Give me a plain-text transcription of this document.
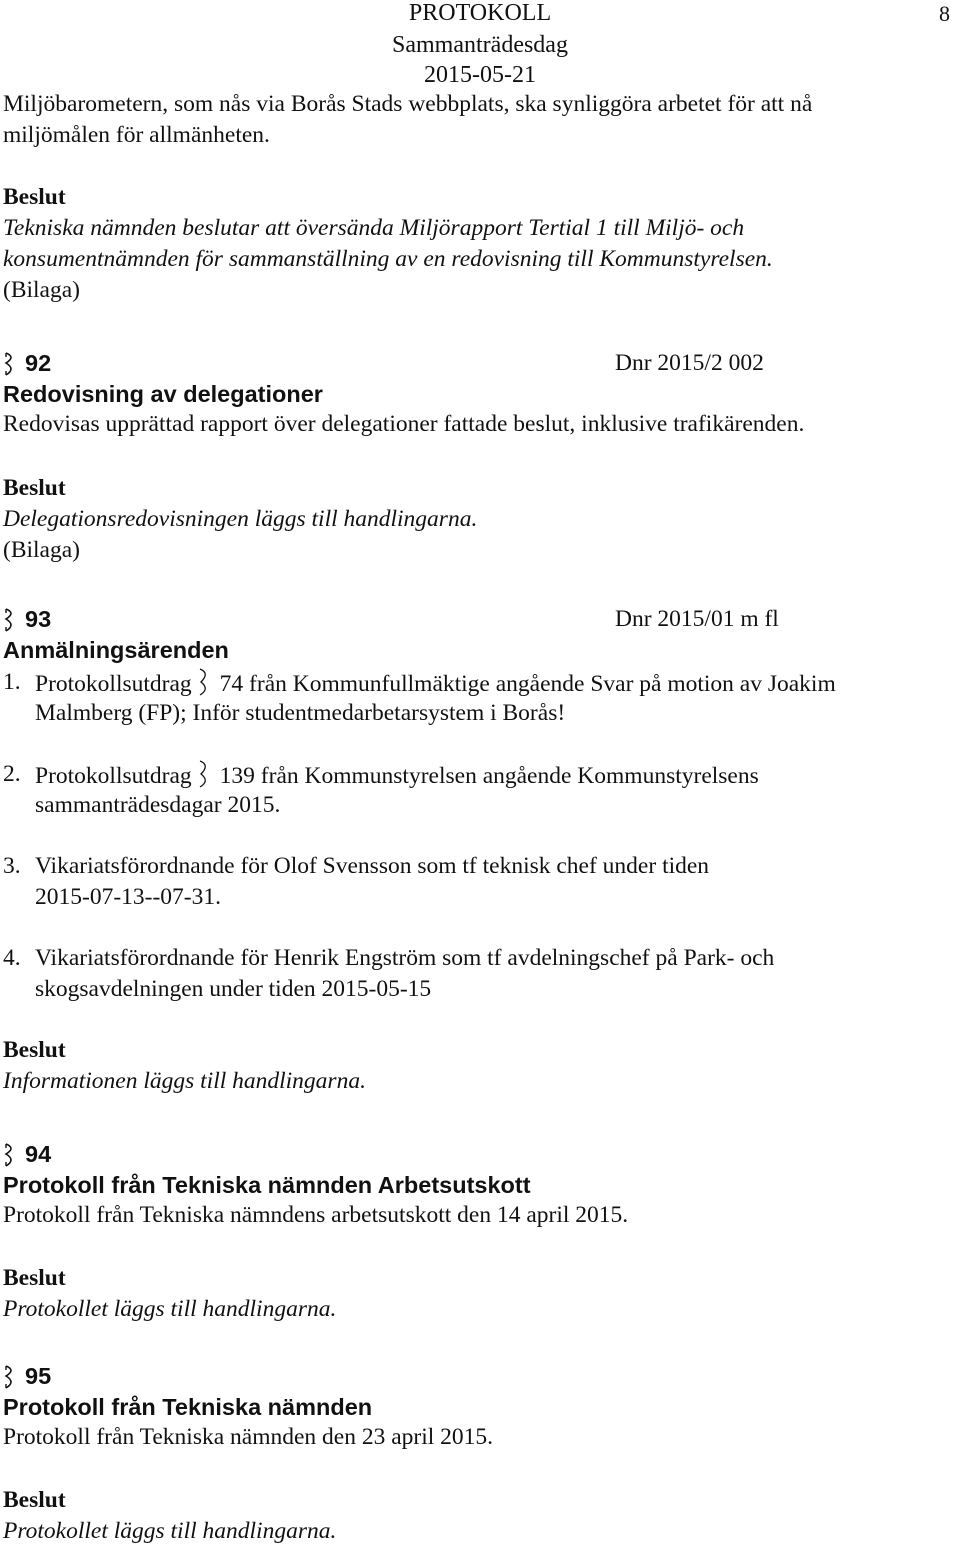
PROTOKOLL
Sammanträdesdag
2015-05-21
8

Miljöbarometern, som nås via Borås Stads webbplats, ska synliggöra arbetet för att nå

miljömålen för allmänheten.

Beslut

Tekniska nämnden beslutar att översända Miljörapport Tertial 1 till Miljö- och

konsumentnämnden för sammanställning av en redovisning till Kommunstyrelsen.

(Bilaga)

92	Dnr 2015/2 002

Redovisning av delegationer

Redovisas upprättad rapport över delegationer fattade beslut, inklusive trafikärenden.

Beslut

Delegationsredovisningen läggs till handlingarna.

(Bilaga)

93	Dnr 2015/01 m fl

Anmälningsärenden

1. Protokollsutdrag 74 från Kommunfullmäktige angående Svar på motion av Joakim
Malmberg (FP); Inför studentmedarbetarsystem i Borås!
2. Protokollsutdrag 139 från Kommunstyrelsen angående Kommunstyrelsens
sammanträdesdagar 2015.
3. Vikariatsförordnande för Olof Svensson som tf teknisk chef under tiden
2015-07-13--07-31.
4. Vikariatsförordnande för Henrik Engström som tf avdelningschef på Park- och
skogsavdelningen under tiden 2015-05-15

Beslut

Informationen läggs till handlingarna.

94

Protokoll från Tekniska nämnden Arbetsutskott

Protokoll från Tekniska nämndens arbetsutskott den 14 april 2015.

Beslut

Protokollet läggs till handlingarna.

95

Protokoll från Tekniska nämnden

Protokoll från Tekniska nämnden den 23 april 2015.

Beslut

Protokollet läggs till handlingarna.
